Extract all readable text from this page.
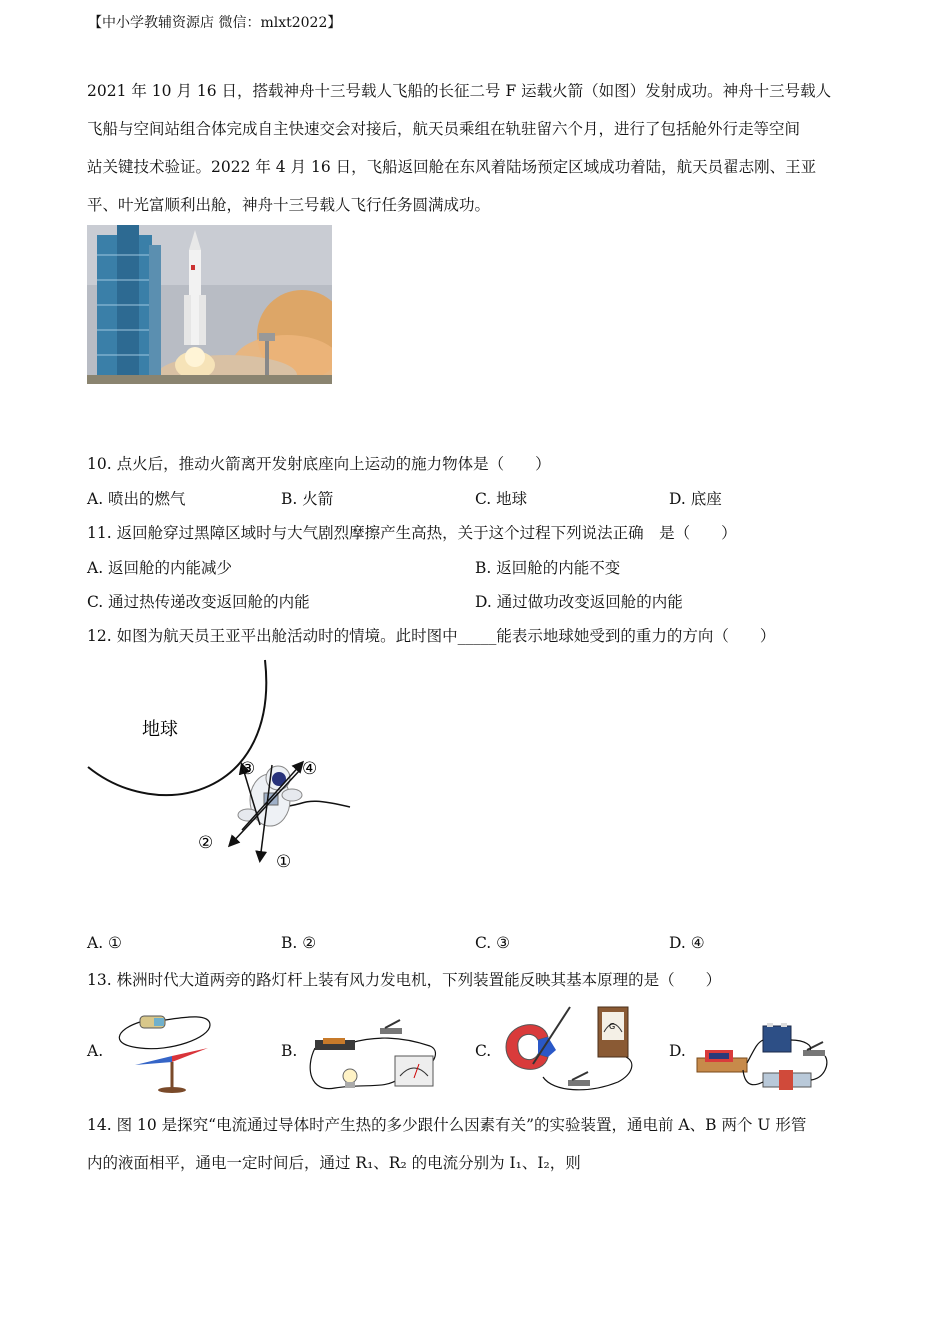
【中小学教辅资源店 微信：mlxt2022】
2021 年 10 月 16 日，搭载神舟十三号载人飞船的长征二号 F 运载火箭（如图）发射成功。神舟十三号载人
飞船与空间站组合体完成自主快速交会对接后，航天员乘组在轨驻留六个月，进行了包括舱外行走等空间
站关键技术验证。2022 年 4 月 16 日，飞船返回舱在东风着陆场预定区域成功着陆，航天员翟志刚、王亚
平、叶光富顺利出舱，神舟十三号载人飞行任务圆满成功。
10. 点火后，推动火箭离开发射底座向上运动的施力物体是（　　）
A. 喷出的燃气	B. 火箭	C. 地球	D. 底座
11. 返回舱穿过黑障区域时与大气剧烈摩擦产生高热，关于这个过程下列说法正确　是（　　）
A. 返回舱的内能减少	B. 返回舱的内能不变
C. 通过热传递改变返回舱的内能	D. 通过做功改变返回舱的内能
12. 如图为航天员王亚平出舱活动时的情境。此时图中_____能表示地球她受到的重力的方向（　　）
地球
①
②
③	④
A. ①	B. ②	C. ③	D. ④
13. 株洲时代大道两旁的路灯杆上装有风力发电机，下列装置能反映其基本原理的是（　　）
A.	B.	C.
G
D.
14. 图 10 是探究“电流通过导体时产生热的多少跟什么因素有关”的实验装置，通电前 A、B 两个 U 形管
内的液面相平，通电一定时间后，通过 R₁、R₂ 的电流分别为 I₁、I₂，则
